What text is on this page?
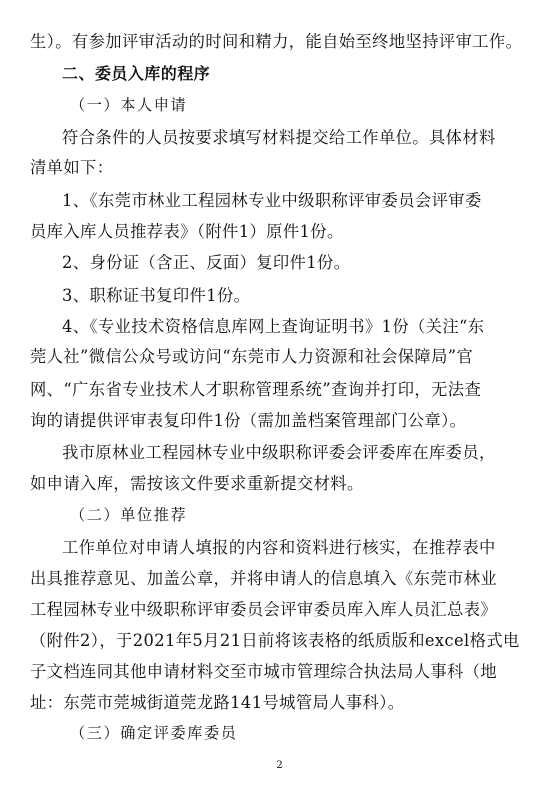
生）。有参加评审活动的时间和精力，能自始至终地坚持评审工作。
二、委员入库的程序
（一）本人申请
符合条件的人员按要求填写材料提交给工作单位。具体材料
清单如下：
1、《东莞市林业工程园林专业中级职称评审委员会评审委
员库入库人员推荐表》（附件1）原件1份。
2、身份证（含正、反面）复印件1份。
3、职称证书复印件1份。
4、《专业技术资格信息库网上查询证明书》1份（关注“东
莞人社”微信公众号或访问“东莞市人力资源和社会保障局”官
网、“广东省专业技术人才职称管理系统”查询并打印，无法查
询的请提供评审表复印件1份（需加盖档案管理部门公章）。
我市原林业工程园林专业中级职称评委会评委库在库委员，
如申请入库，需按该文件要求重新提交材料。
（二）单位推荐
工作单位对申请人填报的内容和资料进行核实，在推荐表中
出具推荐意见、加盖公章，并将申请人的信息填入《东莞市林业
工程园林专业中级职称评审委员会评审委员库入库人员汇总表》
（附件2），于2021年5月21日前将该表格的纸质版和excel格式电
子文档连同其他申请材料交至市城市管理综合执法局人事科（地
址：东莞市莞城街道莞龙路141号城管局人事科）。
（三）确定评委库委员
2
